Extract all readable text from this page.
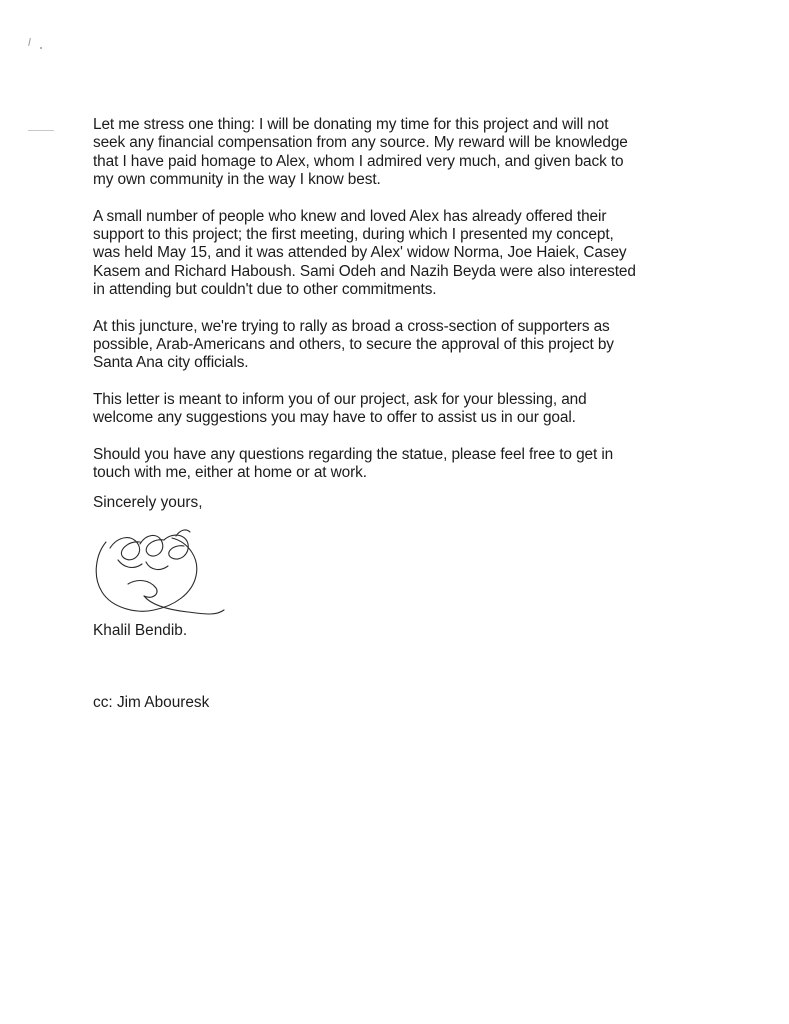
Let me stress one thing: I will be donating my time for this project and will not
seek any financial compensation from any source. My reward will be knowledge
that I have paid homage to Alex, whom I admired very much, and given back to
my own community in the way I know best.

A small number of people who knew and loved Alex has already offered their
support to this project; the first meeting, during which I presented my concept,
was held May 15, and it was attended by Alex' widow Norma, Joe Haiek, Casey
Kasem and Richard Haboush. Sami Odeh and Nazih Beyda were also interested
in attending but couldn't due to other commitments.

At this juncture, we're trying to rally as broad a cross-section of supporters as
possible, Arab-Americans and others, to secure the approval of this project by
Santa Ana city officials.

This letter is meant to inform you of our project, ask for your blessing, and
welcome any suggestions you may have to offer to assist us in our goal.

Should you have any questions regarding the statue, please feel free to get in
touch with me, either at home or at work.

Sincerely yours,

Khalil Bendib.

cc: Jim Abouresk
